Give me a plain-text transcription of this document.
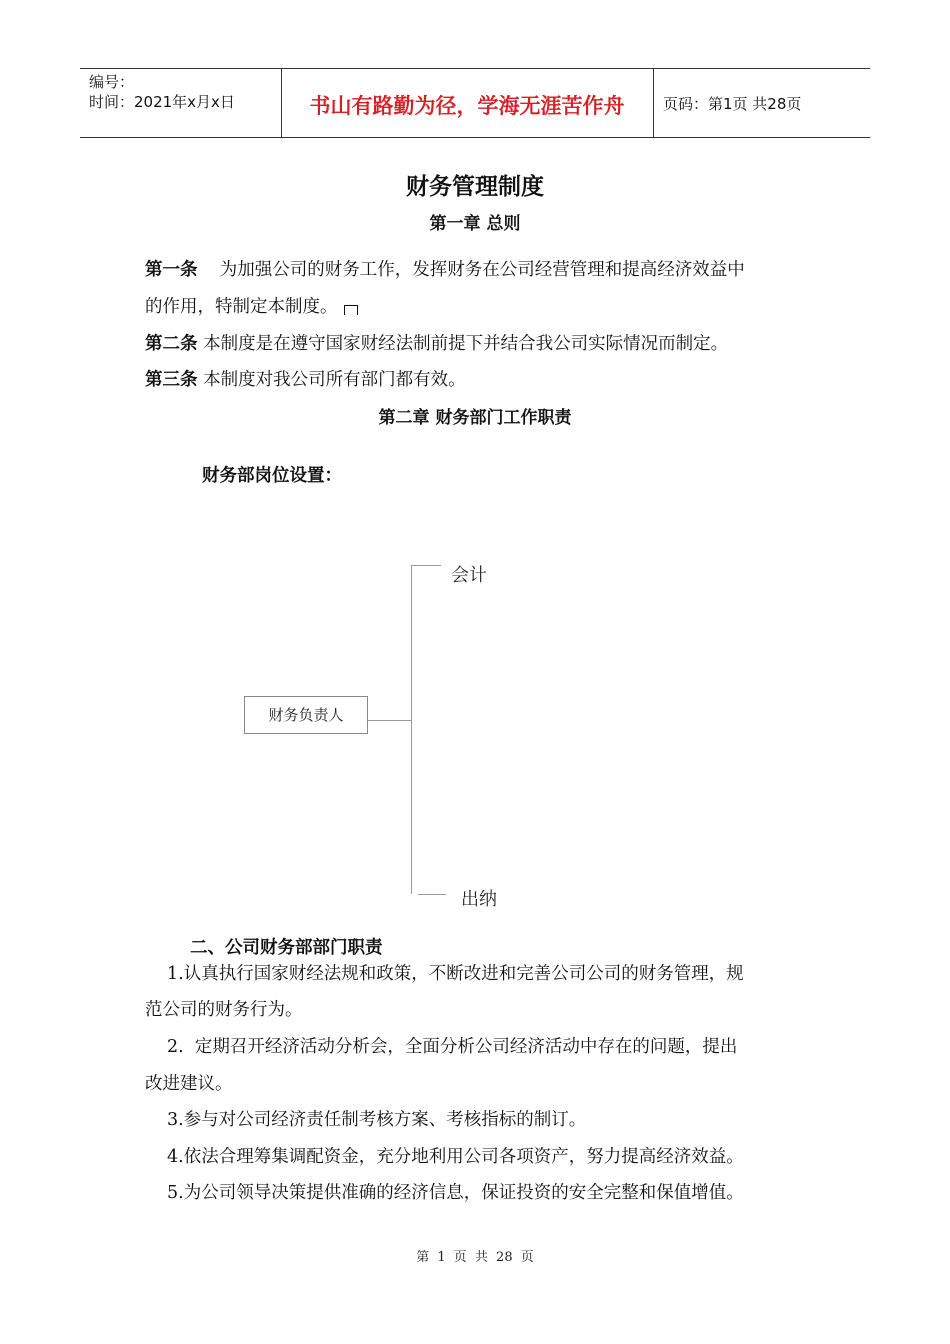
编号：
时间：2021年x月x日	书山有路勤为径，学海无涯苦作舟	页码：第1页 共28页
财务管理制度
第一章 总则
第一条    为加强公司的财务工作，发挥财务在公司经营管理和提高经济效益中
的作用，特制定本制度。
第二条 本制度是在遵守国家财经法制前提下并结合我公司实际情况而制定。
第三条 本制度对我公司所有部门都有效。
第二章 财务部门工作职责
财务部岗位设置：
财务负责人
会计
出纳
二、公司财务部部门职责
1.认真执行国家财经法规和政策，不断改进和完善公司公司的财务管理，规
范公司的财务行为。
2.  定期召开经济活动分析会，全面分析公司经济活动中存在的问题，提出
改进建议。
3.参与对公司经济责任制考核方案、考核指标的制订。
4.依法合理筹集调配资金，充分地利用公司各项资产，努力提高经济效益。
5.为公司领导决策提供准确的经济信息，保证投资的安全完整和保值增值。
第 1 页 共 28 页
